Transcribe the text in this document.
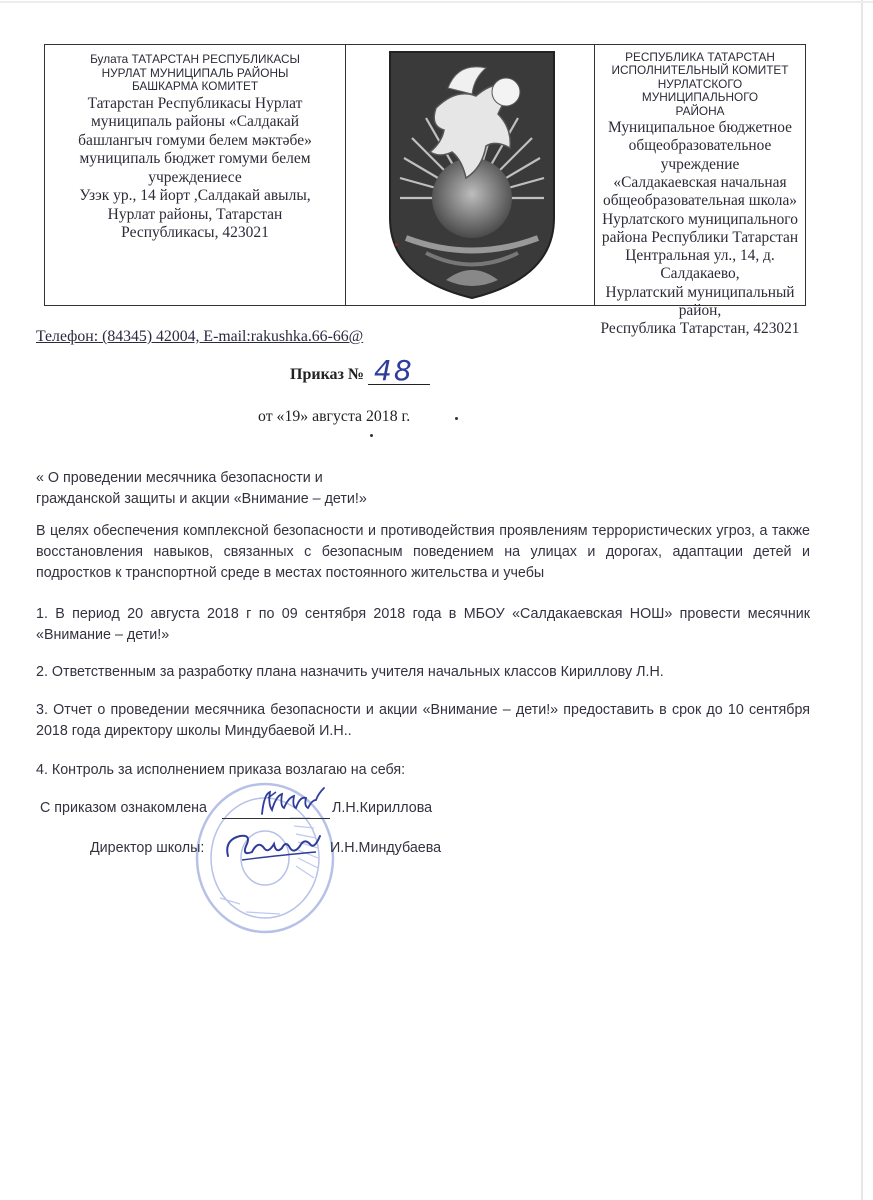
Булата ТАТАРСТАН РЕСПУБЛИКАСЫ
НУРЛАТ МУНИЦИПАЛЬ РАЙОНЫ
БАШКАРМА КОМИТЕТ
Татарстан Республикасы Нурлат
муниципаль районы «Салдакай
башлангыч гомуми белем мәктәбе»
муниципаль бюджет гомуми белем
учреждениесе
Узэк ур., 14 йорт ,Салдакай авылы,
Нурлат районы, Татарстан
Республикасы, 423021
РЕСПУБЛИКА ТАТАРСТАН
ИСПОЛНИТЕЛЬНЫЙ КОМИТЕТ
НУРЛАТСКОГО МУНИЦИПАЛЬНОГО
РАЙОНА
Муниципальное бюджетное
общеобразовательное учреждение
«Салдакаевская начальная
общеобразовательная школа»
Нурлатского муниципального
района Республики Татарстан
Центральная ул., 14, д. Салдакаево,
Нурлатский муниципальный район,
Республика Татарстан, 423021
Телефон: (84345) 42004, E-mail:rakushka.66-66@
Приказ № 48
от «19» августа 2018 г.
« О проведении месячника безопасности и
гражданской защиты и акции «Внимание – дети!»
В целях обеспечения комплексной безопасности и противодействия проявлениям террористических угроз, а также восстановления навыков, связанных с безопасным поведением на улицах и дорогах, адаптации детей и подростков к транспортной среде в местах постоянного жительства и учебы
1. В период 20 августа 2018 г по 09 сентября 2018 года в МБОУ «Салдакаевская НОШ» провести месячник «Внимание – дети!»
2. Ответственным за разработку плана назначить учителя начальных классов Кириллову Л.Н.
3. Отчет о проведении месячника безопасности и акции «Внимание – дети!» предоставить в срок до 10 сентября 2018 года директору школы Миндубаевой И.Н..
4. Контроль за исполнением приказа возлагаю на себя:
С приказом ознакомлена	Л.Н.Кириллова
Директор школы:	И.Н.Миндубаева
